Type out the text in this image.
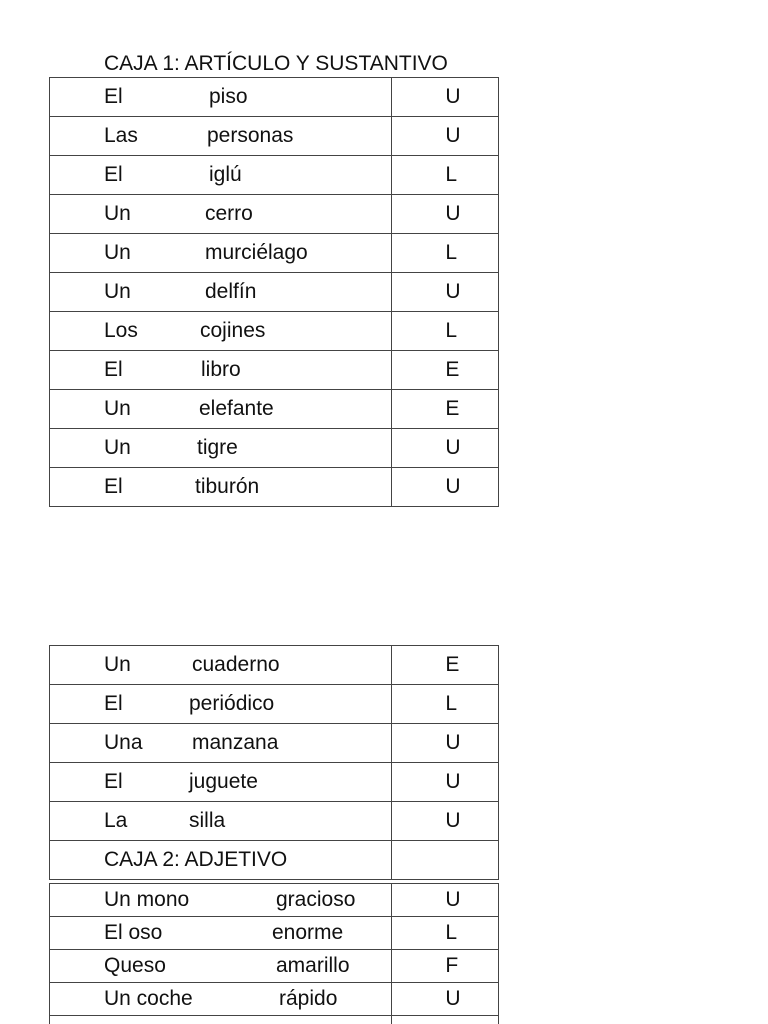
CAJA 1: ARTÍCULO Y SUSTANTIVO
El piso	U

Las personas	U

El iglú	L

Un cerro	U

Un murciélago	L

Un delfín	U

Los cojines	L

El libro	E

Un elefante	E

Un tigre	U

El tiburón	U
Un cuaderno	E

El periódico	L

Una manzana	U

El juguete	U

La silla	U

CAJA 2: ADJETIVO	

Un mono gracioso	U

El oso enorme	L

Queso amarillo	F

Un coche rápido	U
